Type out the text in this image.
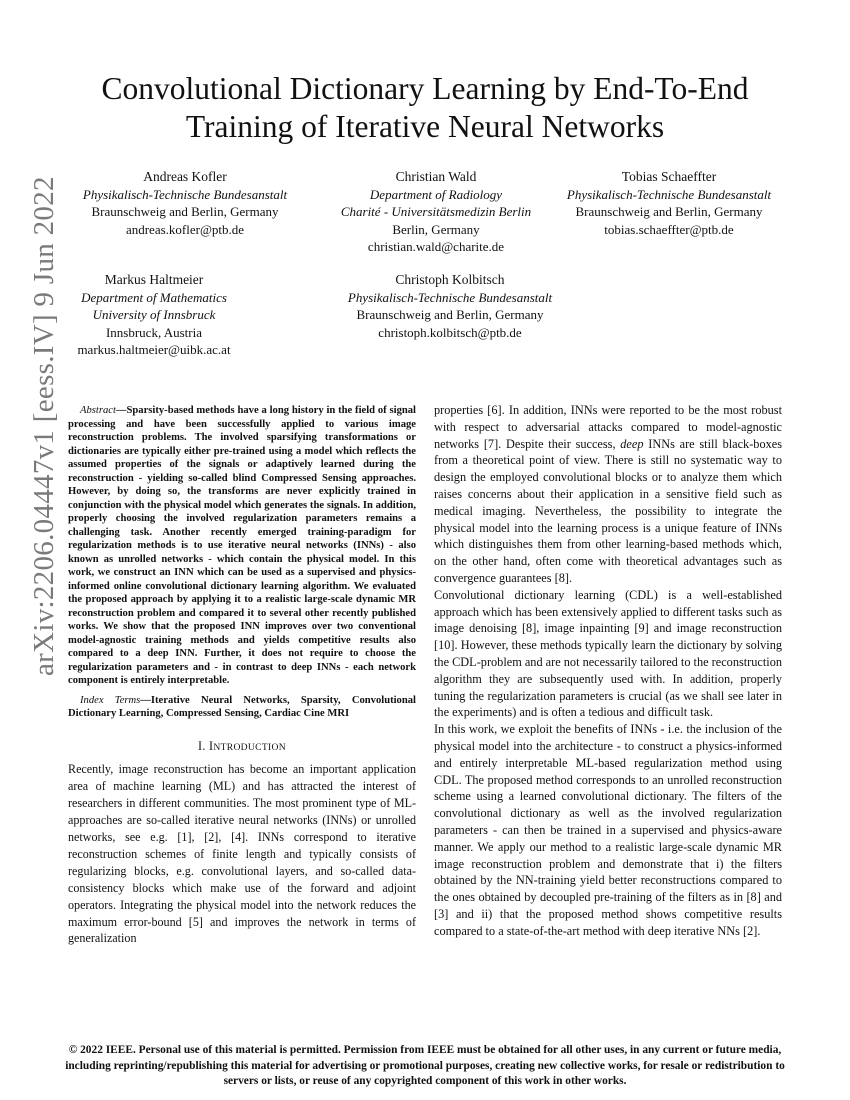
arXiv:2206.04447v1 [eess.IV] 9 Jun 2022
Convolutional Dictionary Learning by End-To-End
Training of Iterative Neural Networks
Andreas Kofler
Physikalisch-Technische Bundesanstalt
Braunschweig and Berlin, Germany
andreas.kofler@ptb.de
Christian Wald
Department of Radiology
Charité - Universitätsmedizin Berlin
Berlin, Germany
christian.wald@charite.de
Tobias Schaeffter
Physikalisch-Technische Bundesanstalt
Braunschweig and Berlin, Germany
tobias.schaeffter@ptb.de
Markus Haltmeier
Department of Mathematics
University of Innsbruck
Innsbruck, Austria
markus.haltmeier@uibk.ac.at
Christoph Kolbitsch
Physikalisch-Technische Bundesanstalt
Braunschweig and Berlin, Germany
christoph.kolbitsch@ptb.de

Abstract—Sparsity-based methods have a long history in the field of signal processing and have been successfully applied to various image reconstruction problems. The involved sparsifying transformations or dictionaries are typically either pre-trained using a model which reflects the assumed properties of the signals or adaptively learned during the reconstruction - yielding so-called blind Compressed Sensing approaches. However, by doing so, the transforms are never explicitly trained in conjunction with the physical model which generates the signals. In addition, properly choosing the involved regularization parameters remains a challenging task. Another recently emerged training-paradigm for regularization methods is to use iterative neural networks (INNs) - also known as unrolled networks - which contain the physical model. In this work, we construct an INN which can be used as a supervised and physics-informed online convolutional dictionary learning algorithm. We evaluated the proposed approach by applying it to a realistic large-scale dynamic MR reconstruction problem and compared it to several other recently published works. We show that the proposed INN improves over two conventional model-agnostic training methods and yields competitive results also compared to a deep INN. Further, it does not require to choose the regularization parameters and - in contrast to deep INNs - each network component is entirely interpretable.

Index Terms—Iterative Neural Networks, Sparsity, Convolutional Dictionary Learning, Compressed Sensing, Cardiac Cine MRI

I. INTRODUCTION

Recently, image reconstruction has become an important application area of machine learning (ML) and has attracted the interest of researchers in different communities. The most prominent type of ML-approaches are so-called iterative neural networks (INNs) or unrolled networks, see e.g. [1], [2], [4]. INNs correspond to iterative reconstruction schemes of finite length and typically consists of regularizing blocks, e.g. convolutional layers, and so-called data-consistency blocks which make use of the forward and adjoint operators. Integrating the physical model into the network reduces the maximum error-bound [5] and improves the network in terms of generalization

properties [6]. In addition, INNs were reported to be the most robust with respect to adversarial attacks compared to model-agnostic networks [7]. Despite their success, deep INNs are still black-boxes from a theoretical point of view. There is still no systematic way to design the employed convolutional blocks or to analyze them which raises concerns about their application in a sensitive field such as medical imaging. Nevertheless, the possibility to integrate the physical model into the learning process is a unique feature of INNs which distinguishes them from other learning-based methods which, on the other hand, often come with theoretical advantages such as convergence guarantees [8].

Convolutional dictionary learning (CDL) is a well-established approach which has been extensively applied to different tasks such as image denoising [8], image inpainting [9] and image reconstruction [10]. However, these methods typically learn the dictionary by solving the CDL-problem and are not necessarily tailored to the reconstruction algorithm they are subsequently used with. In addition, properly tuning the regularization parameters is crucial (as we shall see later in the experiments) and is often a tedious and difficult task.

In this work, we exploit the benefits of INNs - i.e. the inclusion of the physical model into the architecture - to construct a physics-informed and entirely interpretable ML-based regularization method using CDL. The proposed method corresponds to an unrolled reconstruction scheme using a learned convolutional dictionary. The filters of the convolutional dictionary as well as the involved regularization parameters - can then be trained in a supervised and physics-aware manner. We apply our method to a realistic large-scale dynamic MR image reconstruction problem and demonstrate that i) the filters obtained by the NN-training yield better reconstructions compared to the ones obtained by decoupled pre-training of the filters as in [8] and [3] and ii) that the proposed method shows competitive results compared to a state-of-the-art method with deep iterative NNs [2].

© 2022 IEEE. Personal use of this material is permitted. Permission from IEEE must be obtained for all other uses, in any current or future media, including reprinting/republishing this material for advertising or promotional purposes, creating new collective works, for resale or redistribution to servers or lists, or reuse of any copyrighted component of this work in other works.
